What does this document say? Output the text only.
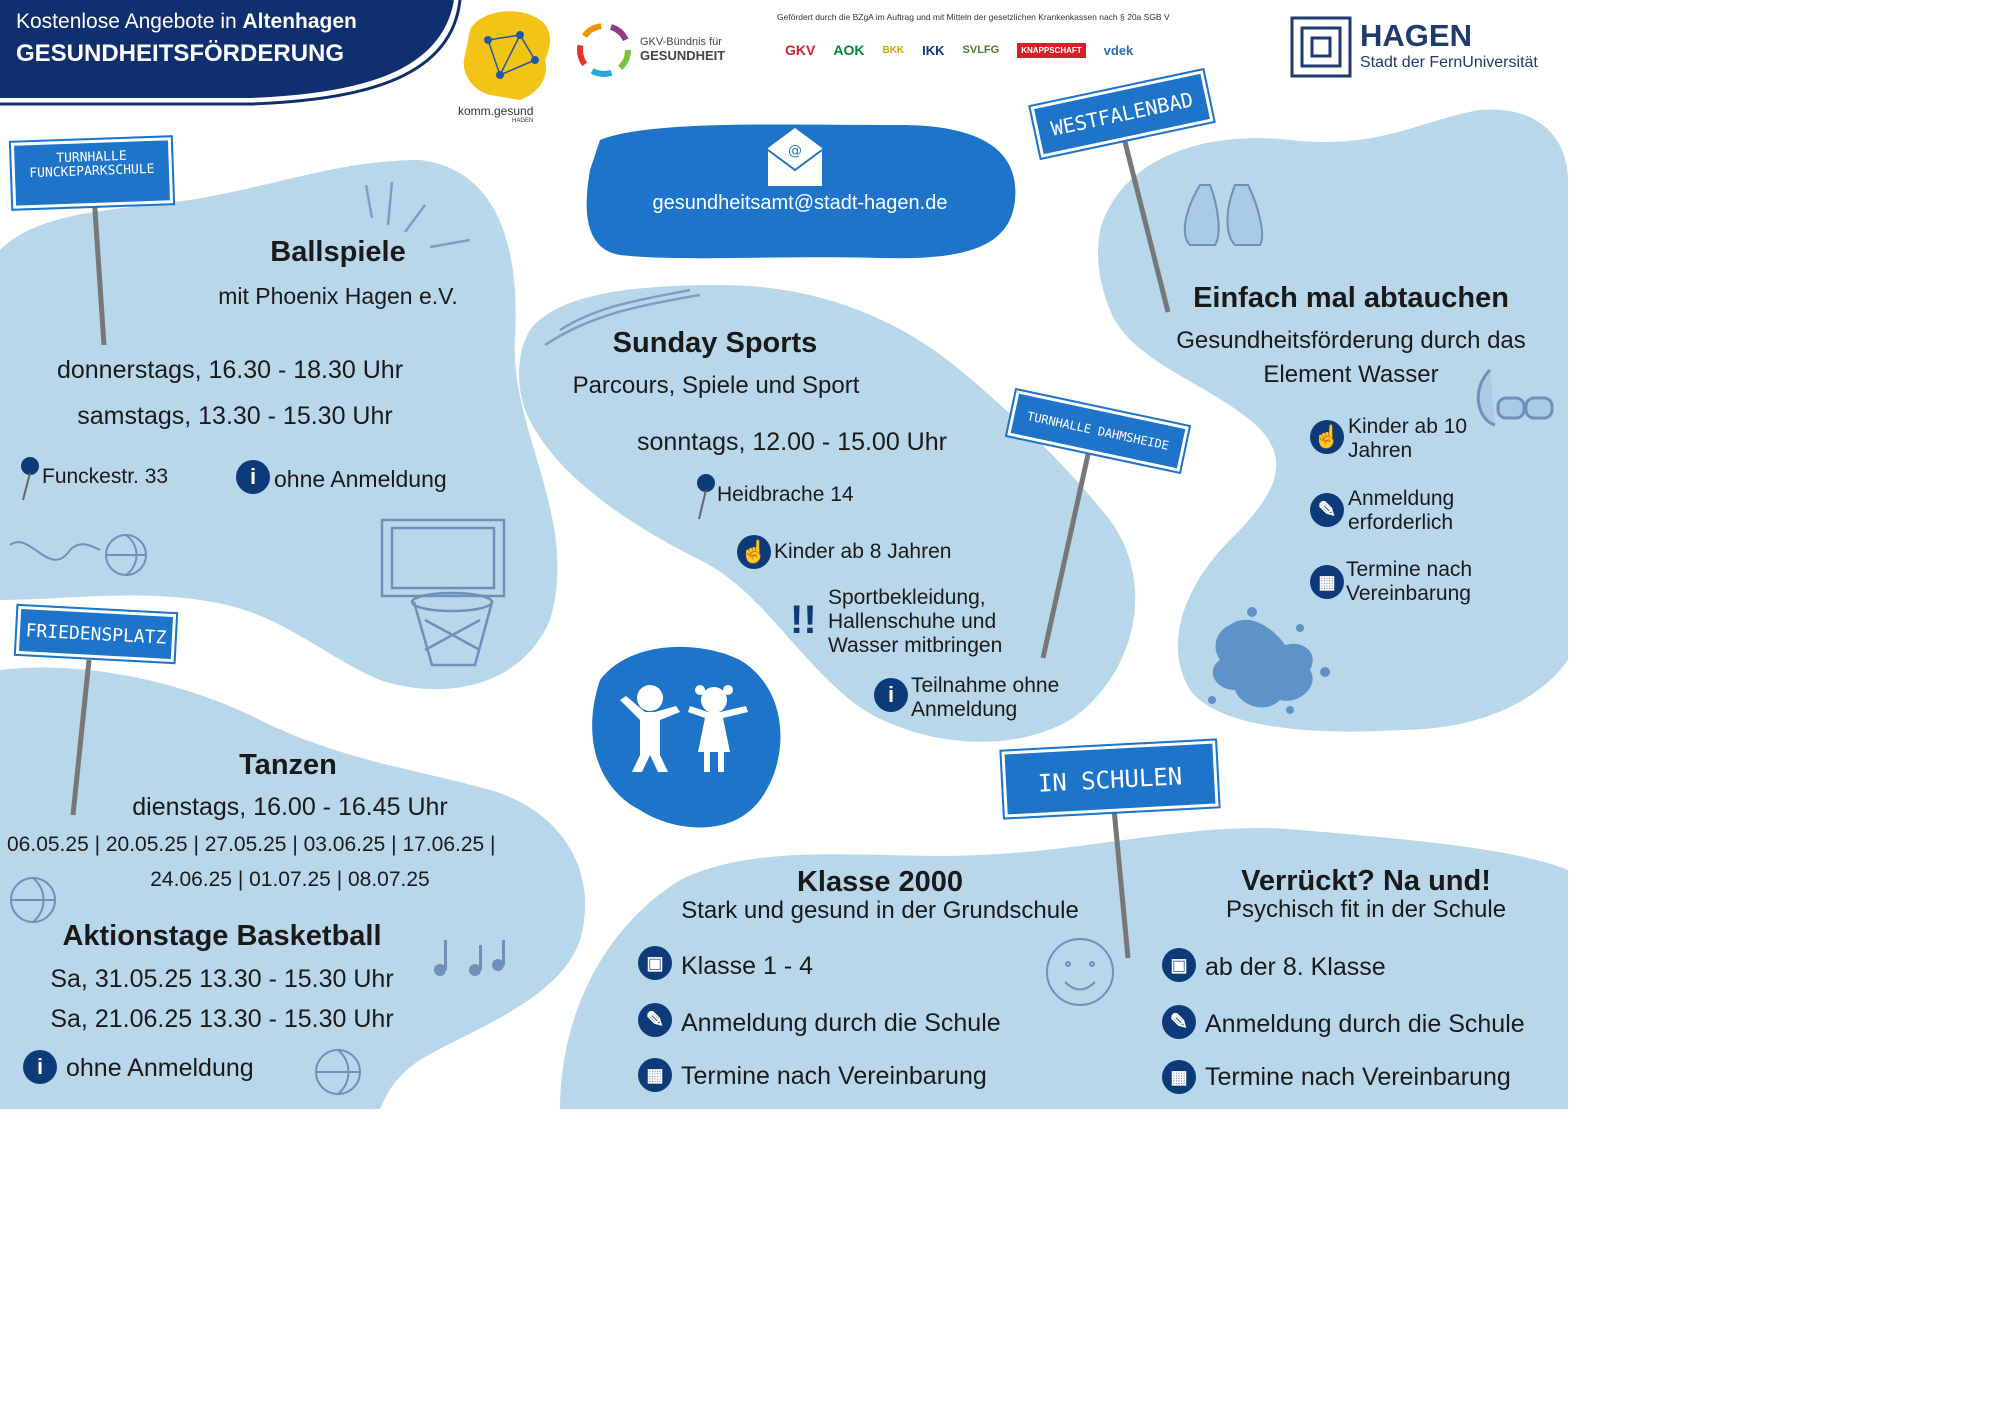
@
Kostenlose Angebote in Altenhagen
GESUNDHEITSFÖRDERUNG
komm.gesund
HAGEN
GKV-Bündnis für
GESUNDHEIT
Gefördert durch die BZgA im Auftrag und mit Mitteln der gesetzlichen Krankenkassen nach § 20a SGB V
GKV AOK BKK IKK SVLFG	KNAPPSCHAFT	vdek	HAGEN
Stadt der FernUniversität
gesundheitsamt@stadt-hagen.de
TURNHALLE
FUNCKEPARKSCHULE
FRIEDENSPLATZ
WESTFALENBAD
TURNHALLE DAHMSHEIDE
IN SCHULEN
Ballspiele
mit Phoenix Hagen e.V.
donnerstags, 16.30 - 18.30 Uhr
samstags, 13.30 - 15.30 Uhr
Funckestr. 33	i ohne Anmeldung
Sunday Sports
Parcours, Spiele und Sport
sonntags, 12.00 - 15.00 Uhr
Heidbrache 14
☝ Kinder ab 8 Jahren
!!
Sportbekleidung,
Hallenschuhe und
Wasser mitbringen
i Teilnahme ohne
Anmeldung
Einfach mal abtauchen
Gesundheitsförderung durch das
Element Wasser
☝ Kinder ab 10
Jahren
✎ Anmeldung
erforderlich
▦
Termine nach
Vereinbarung
Tanzen
dienstags, 16.00 - 16.45 Uhr
06.05.25 | 20.05.25 | 27.05.25 | 03.06.25 | 17.06.25 |
24.06.25 | 01.07.25 | 08.07.25
Aktionstage Basketball
Sa, 31.05.25 13.30 - 15.30 Uhr
Sa, 21.06.25 13.30 - 15.30 Uhr
i ohne Anmeldung
Klasse 2000
Stark und gesund in der Grundschule
▣ Klasse 1 - 4
✎ Anmeldung durch die Schule
▦ Termine nach Vereinbarung
Verrückt? Na und!
Psychisch fit in der Schule
▣ ab der 8. Klasse
✎ Anmeldung durch die Schule
▦ Termine nach Vereinbarung
